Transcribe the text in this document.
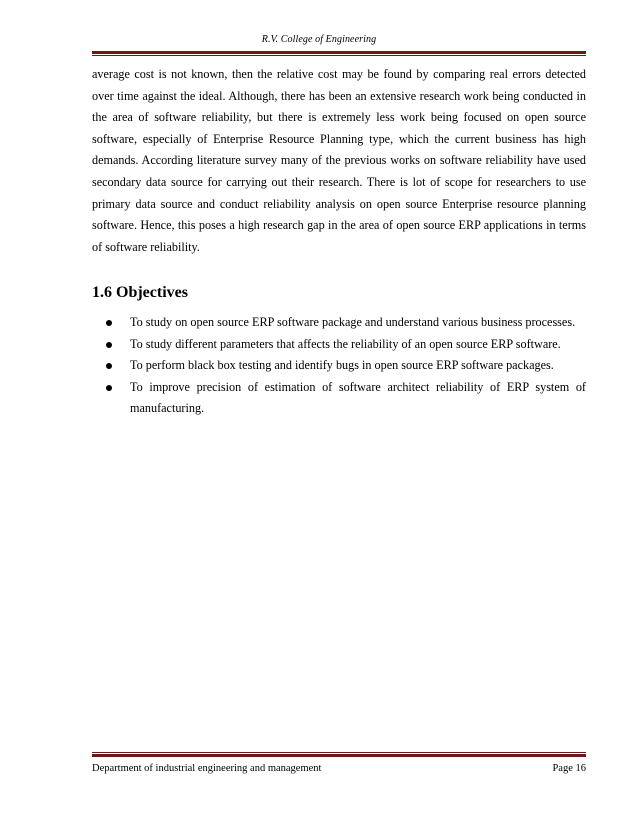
R.V. College of Engineering

average cost is not known, then the relative cost may be found by comparing real errors detected over time against the ideal. Although, there has been an extensive research work being conducted in the area of software reliability, but there is extremely less work being focused on open source software, especially of Enterprise Resource Planning type, which the current business has high demands. According literature survey many of the previous works on software reliability have used secondary data source for carrying out their research. There is lot of scope for researchers to use primary data source and conduct reliability analysis on open source Enterprise resource planning software. Hence, this poses a high research gap in the area of open source ERP applications in terms of software reliability.

1.6 Objectives
To study on open source ERP software package and understand various business processes.
To study different parameters that affects the reliability of an open source ERP software.
To perform black box testing and identify bugs in open source ERP software packages.
To improve precision of estimation of software architect reliability of ERP system of manufacturing.
Department of industrial engineering and management	Page 16
